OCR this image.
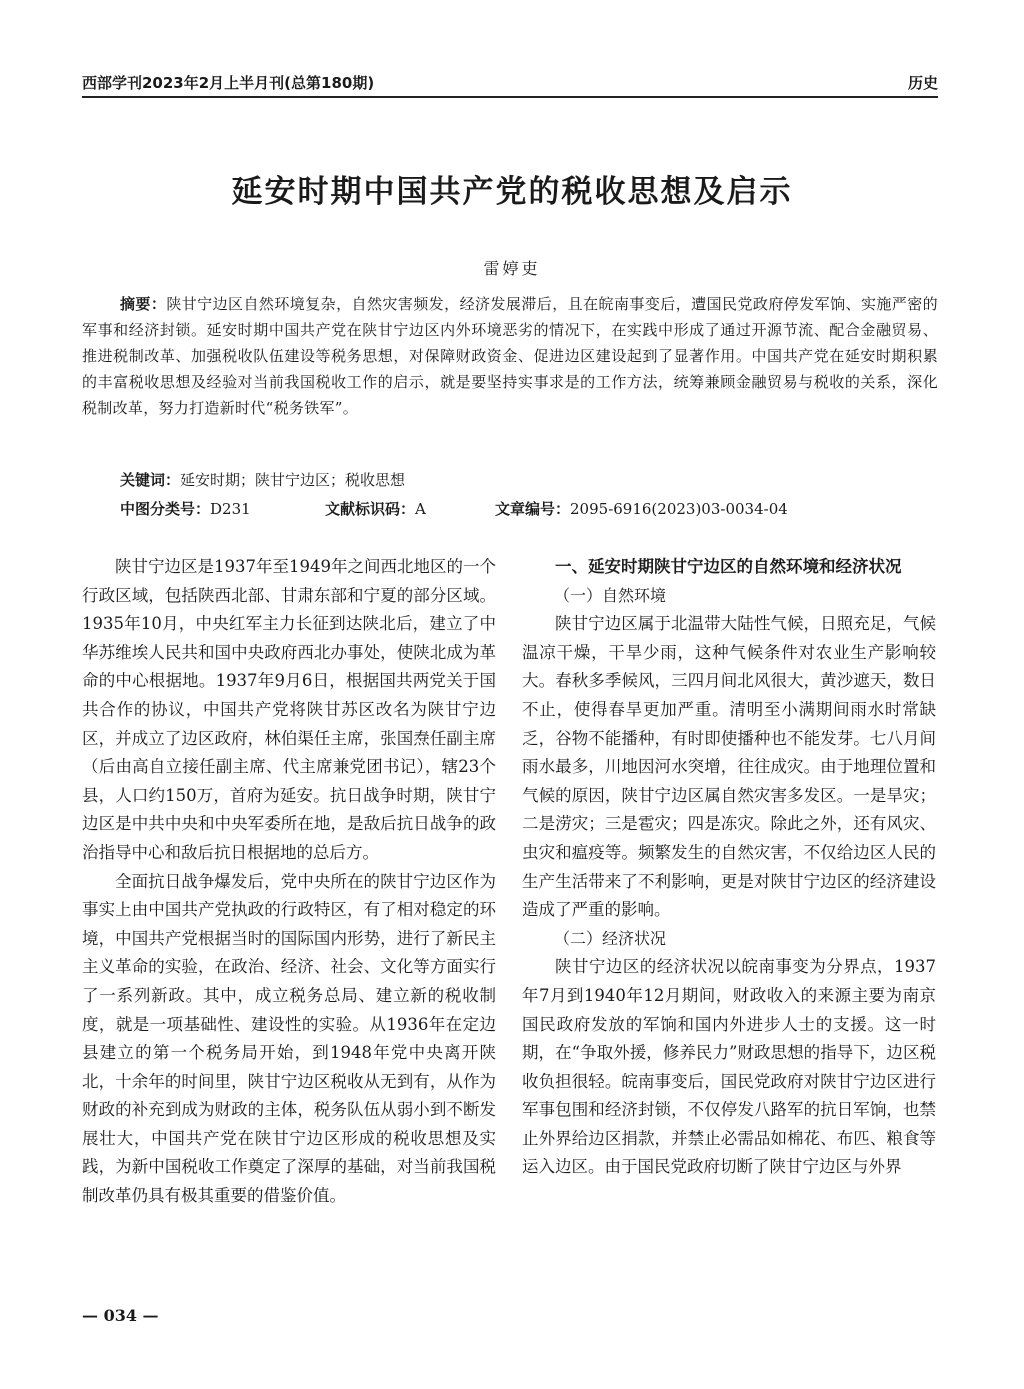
西部学刊2023年2月上半月刊(总第180期)	历史
延安时期中国共产党的税收思想及启示
雷婷吏
摘要：陕甘宁边区自然环境复杂，自然灾害频发，经济发展滞后，且在皖南事变后，遭国民党政府停发军饷、实施严密的军事和经济封锁。延安时期中国共产党在陕甘宁边区内外环境恶劣的情况下，在实践中形成了通过开源节流、配合金融贸易、推进税制改革、加强税收队伍建设等税务思想，对保障财政资金、促进边区建设起到了显著作用。中国共产党在延安时期积累的丰富税收思想及经验对当前我国税收工作的启示，就是要坚持实事求是的工作方法，统筹兼顾金融贸易与税收的关系，深化税制改革，努力打造新时代“税务铁军”。
关键词：延安时期；陕甘宁边区；税收思想
中图分类号：D231	文献标识码：A	文章编号：2095-6916(2023)03-0034-04

陕甘宁边区是1937年至1949年之间西北地区的一个行政区域，包括陕西北部、甘肃东部和宁夏的部分区域。1935年10月，中央红军主力长征到达陕北后，建立了中华苏维埃人民共和国中央政府西北办事处，使陕北成为革命的中心根据地。1937年9月6日，根据国共两党关于国共合作的协议，中国共产党将陕甘苏区改名为陕甘宁边区，并成立了边区政府，林伯渠任主席，张国焘任副主席（后由高自立接任副主席、代主席兼党团书记），辖23个县，人口约150万，首府为延安。抗日战争时期，陕甘宁边区是中共中央和中央军委所在地，是敌后抗日战争的政治指导中心和敌后抗日根据地的总后方。

全面抗日战争爆发后，党中央所在的陕甘宁边区作为事实上由中国共产党执政的行政特区，有了相对稳定的环境，中国共产党根据当时的国际国内形势，进行了新民主主义革命的实验，在政治、经济、社会、文化等方面实行了一系列新政。其中，成立税务总局、建立新的税收制度，就是一项基础性、建设性的实验。从1936年在定边县建立的第一个税务局开始，到1948年党中央离开陕北，十余年的时间里，陕甘宁边区税收从无到有，从作为财政的补充到成为财政的主体，税务队伍从弱小到不断发展壮大，中国共产党在陕甘宁边区形成的税收思想及实践，为新中国税收工作奠定了深厚的基础，对当前我国税制改革仍具有极其重要的借鉴价值。

一、延安时期陕甘宁边区的自然环境和经济状况
（一）自然环境

陕甘宁边区属于北温带大陆性气候，日照充足，气候温凉干燥，干旱少雨，这种气候条件对农业生产影响较大。春秋多季候风，三四月间北风很大，黄沙遮天，数日不止，使得春旱更加严重。清明至小满期间雨水时常缺乏，谷物不能播种，有时即使播种也不能发芽。七八月间雨水最多，川地因河水突增，往往成灾。由于地理位置和气候的原因，陕甘宁边区属自然灾害多发区。一是旱灾；二是涝灾；三是雹灾；四是冻灾。除此之外，还有风灾、虫灾和瘟疫等。频繁发生的自然灾害，不仅给边区人民的生产生活带来了不利影响，更是对陕甘宁边区的经济建设造成了严重的影响。

（二）经济状况

陕甘宁边区的经济状况以皖南事变为分界点，1937年7月到1940年12月期间，财政收入的来源主要为南京国民政府发放的军饷和国内外进步人士的支援。这一时期，在“争取外援，修养民力”财政思想的指导下，边区税收负担很轻。皖南事变后，国民党政府对陕甘宁边区进行军事包围和经济封锁，不仅停发八路军的抗日军饷，也禁止外界给边区捐款，并禁止必需品如棉花、布匹、粮食等运入边区。由于国民党政府切断了陕甘宁边区与外界

— 034 —
